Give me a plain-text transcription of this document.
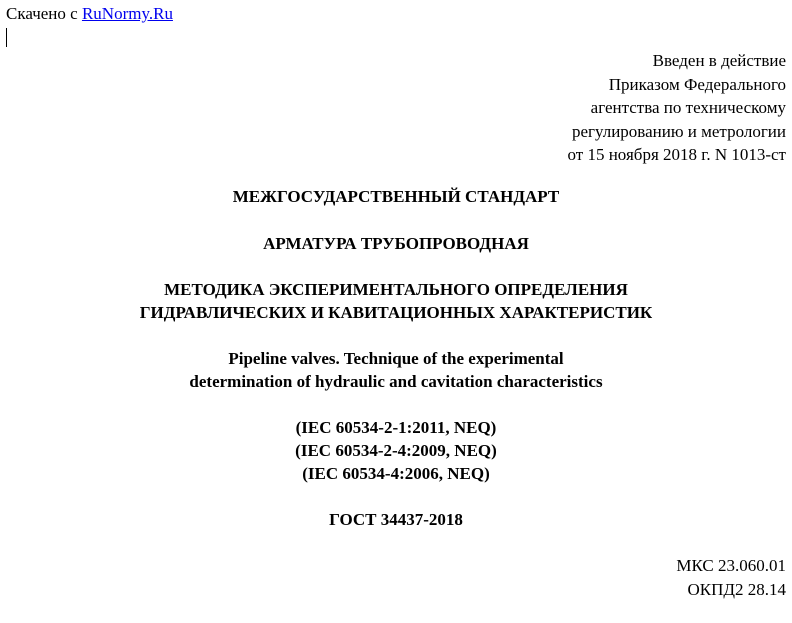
Скачено с RuNormy.Ru
Введен в действие
Приказом Федерального
агентства по техническому
регулированию и метрологии
от 15 ноября 2018 г. N 1013-ст
МЕЖГОСУДАРСТВЕННЫЙ СТАНДАРТ
АРМАТУРА ТРУБОПРОВОДНАЯ
МЕТОДИКА ЭКСПЕРИМЕНТАЛЬНОГО ОПРЕДЕЛЕНИЯ
ГИДРАВЛИЧЕСКИХ И КАВИТАЦИОННЫХ ХАРАКТЕРИСТИК
Pipeline valves. Technique of the experimental
determination of hydraulic and cavitation characteristics
(IEC 60534-2-1:2011, NEQ)
(IEC 60534-2-4:2009, NEQ)
(IEC 60534-4:2006, NEQ)
ГОСТ 34437-2018
МКС 23.060.01
ОКПД2 28.14
